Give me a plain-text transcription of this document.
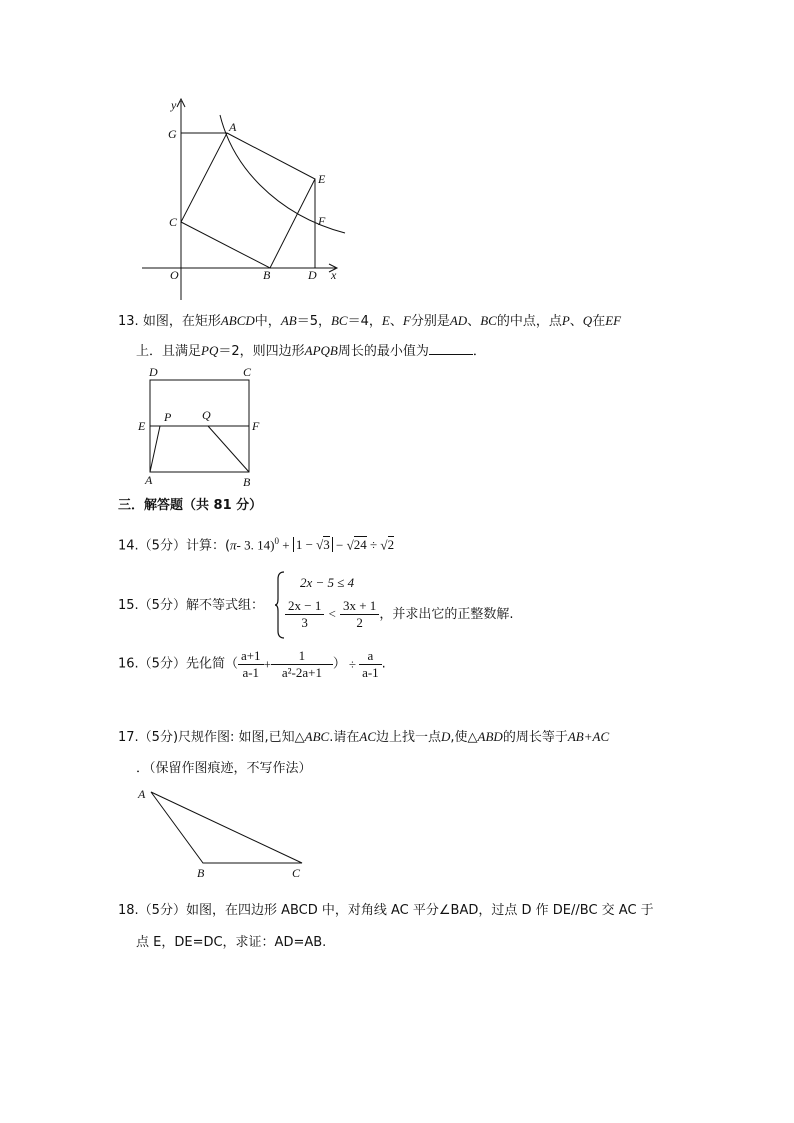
y
G	A
E
C	F
O	B	D x
13. 如图，在矩形ABCD中，AB＝5，BC＝4，E、F分别是AD、BC的中点，点P、Q在EF
上．且满足PQ＝2，则四边形APQB周长的最小值为	．
D	C
E
P	Q
F
A	B
三．解答题（共 81 分）
14.（5分）计算：(π- 3. 14)$^0$ + 1 − √3 − √24 ÷ √2
15.（5分）解不等式组：
2x − 5 ≤ 4
$\frac{2x - 1}{3} < \frac{3x + 1}{2}$ ，并求出它的正整数解.
16.（5分）先化简（ $\frac{a+1}{a-1} + \frac{1}{\text{a²-2a+1}}$ ） ÷ $\frac{a}{a-1}$ .
17.（5分)尺规作图: 如图,已知△ABC.请在AC边上找一点D,使△ABD的周长等于AB+AC
．（保留作图痕迹，不写作法）
A
B	C
18.（5分）如图，在四边形 ABCD 中，对角线 AC 平分∠BAD，过点 D 作 DE//BC 交 AC 于
点 E，DE=DC，求证：AD=AB.
